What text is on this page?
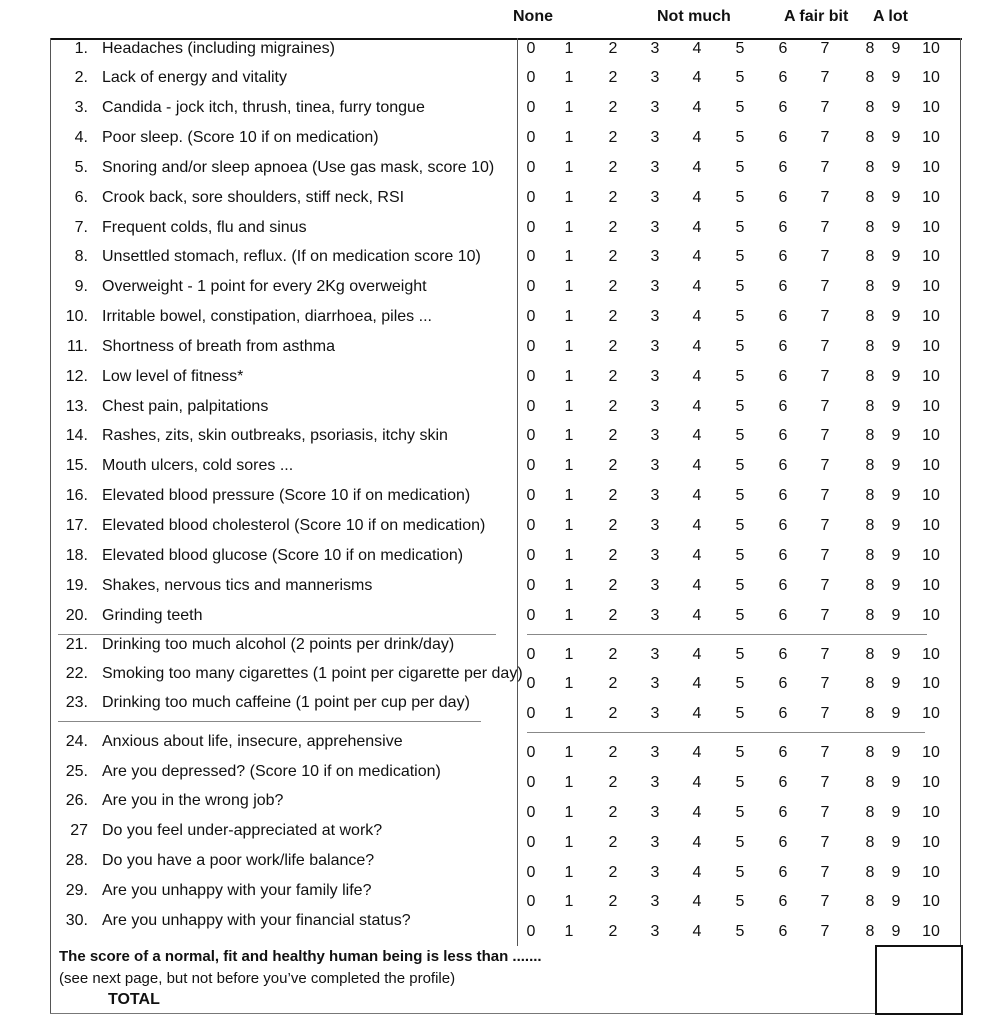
None	Not much	A fair bit A lot
1. Headaches (including migraines)	0 1 2 3 4 5 6 7 8 9 10
2. Lack of energy and vitality	0 1 2 3 4 5 6 7 8 9 10
3. Candida - jock itch, thrush, tinea, furry tongue	0 1 2 3 4 5 6 7 8 9 10
4. Poor sleep. (Score 10 if on medication)	0 1 2 3 4 5 6 7 8 9 10
5. Snoring and/or sleep apnoea (Use gas mask, score 10)	0 1 2 3 4 5 6 7 8 9 10
6. Crook back, sore shoulders, stiff neck, RSI	0 1 2 3 4 5 6 7 8 9 10
7. Frequent colds, flu and sinus	0 1 2 3 4 5 6 7 8 9 10
8. Unsettled stomach, reflux. (If on medication score 10)	0 1 2 3 4 5 6 7 8 9 10
9. Overweight - 1 point for every 2Kg overweight	0 1 2 3 4 5 6 7 8 9 10
10. Irritable bowel, constipation, diarrhoea, piles ...	0 1 2 3 4 5 6 7 8 9 10
11. Shortness of breath from asthma	0 1 2 3 4 5 6 7 8 9 10
12. Low level of fitness*	0 1 2 3 4 5 6 7 8 9 10
13. Chest pain, palpitations	0 1 2 3 4 5 6 7 8 9 10
14. Rashes, zits, skin outbreaks, psoriasis, itchy skin	0 1 2 3 4 5 6 7 8 9 10
15. Mouth ulcers, cold sores ...	0 1 2 3 4 5 6 7 8 9 10
16. Elevated blood pressure (Score 10 if on medication)	0 1 2 3 4 5 6 7 8 9 10
17. Elevated blood cholesterol (Score 10 if on medication)	0 1 2 3 4 5 6 7 8 9 10
18. Elevated blood glucose (Score 10 if on medication)	0 1 2 3 4 5 6 7 8 9 10
19. Shakes, nervous tics and mannerisms	0 1 2 3 4 5 6 7 8 9 10
20. Grinding teeth	0 1 2 3 4 5 6 7 8 9 10
21. Drinking too much alcohol (2 points per drink/day)
0 1 2 3 4 5 6 7 8 9 10
22. Smoking too many cigarettes (1 point per cigarette per day)
0 1 2 3 4 5 6 7 8 9 10
23. Drinking too much caffeine (1 point per cup per day)
0 1 2 3 4 5 6 7 8 9 10
24. Anxious about life, insecure, apprehensive
0 1 2 3 4 5 6 7 8 9 10
25. Are you depressed? (Score 10 if on medication)
0 1 2 3 4 5 6 7 8 9 10
26. Are you in the wrong job?
0 1 2 3 4 5 6 7 8 9 10
27 Do you feel under-appreciated at work?
0 1 2 3 4 5 6 7 8 9 10
28. Do you have a poor work/life balance?
0 1 2 3 4 5 6 7 8 9 10
29. Are you unhappy with your family life?
0 1 2 3 4 5 6 7 8 9 10
30. Are you unhappy with your financial status?
0 1 2 3 4 5 6 7 8 9 10
The score of a normal, fit and healthy human being is less than .......
(see next page, but not before you’ve completed the profile)
TOTAL
